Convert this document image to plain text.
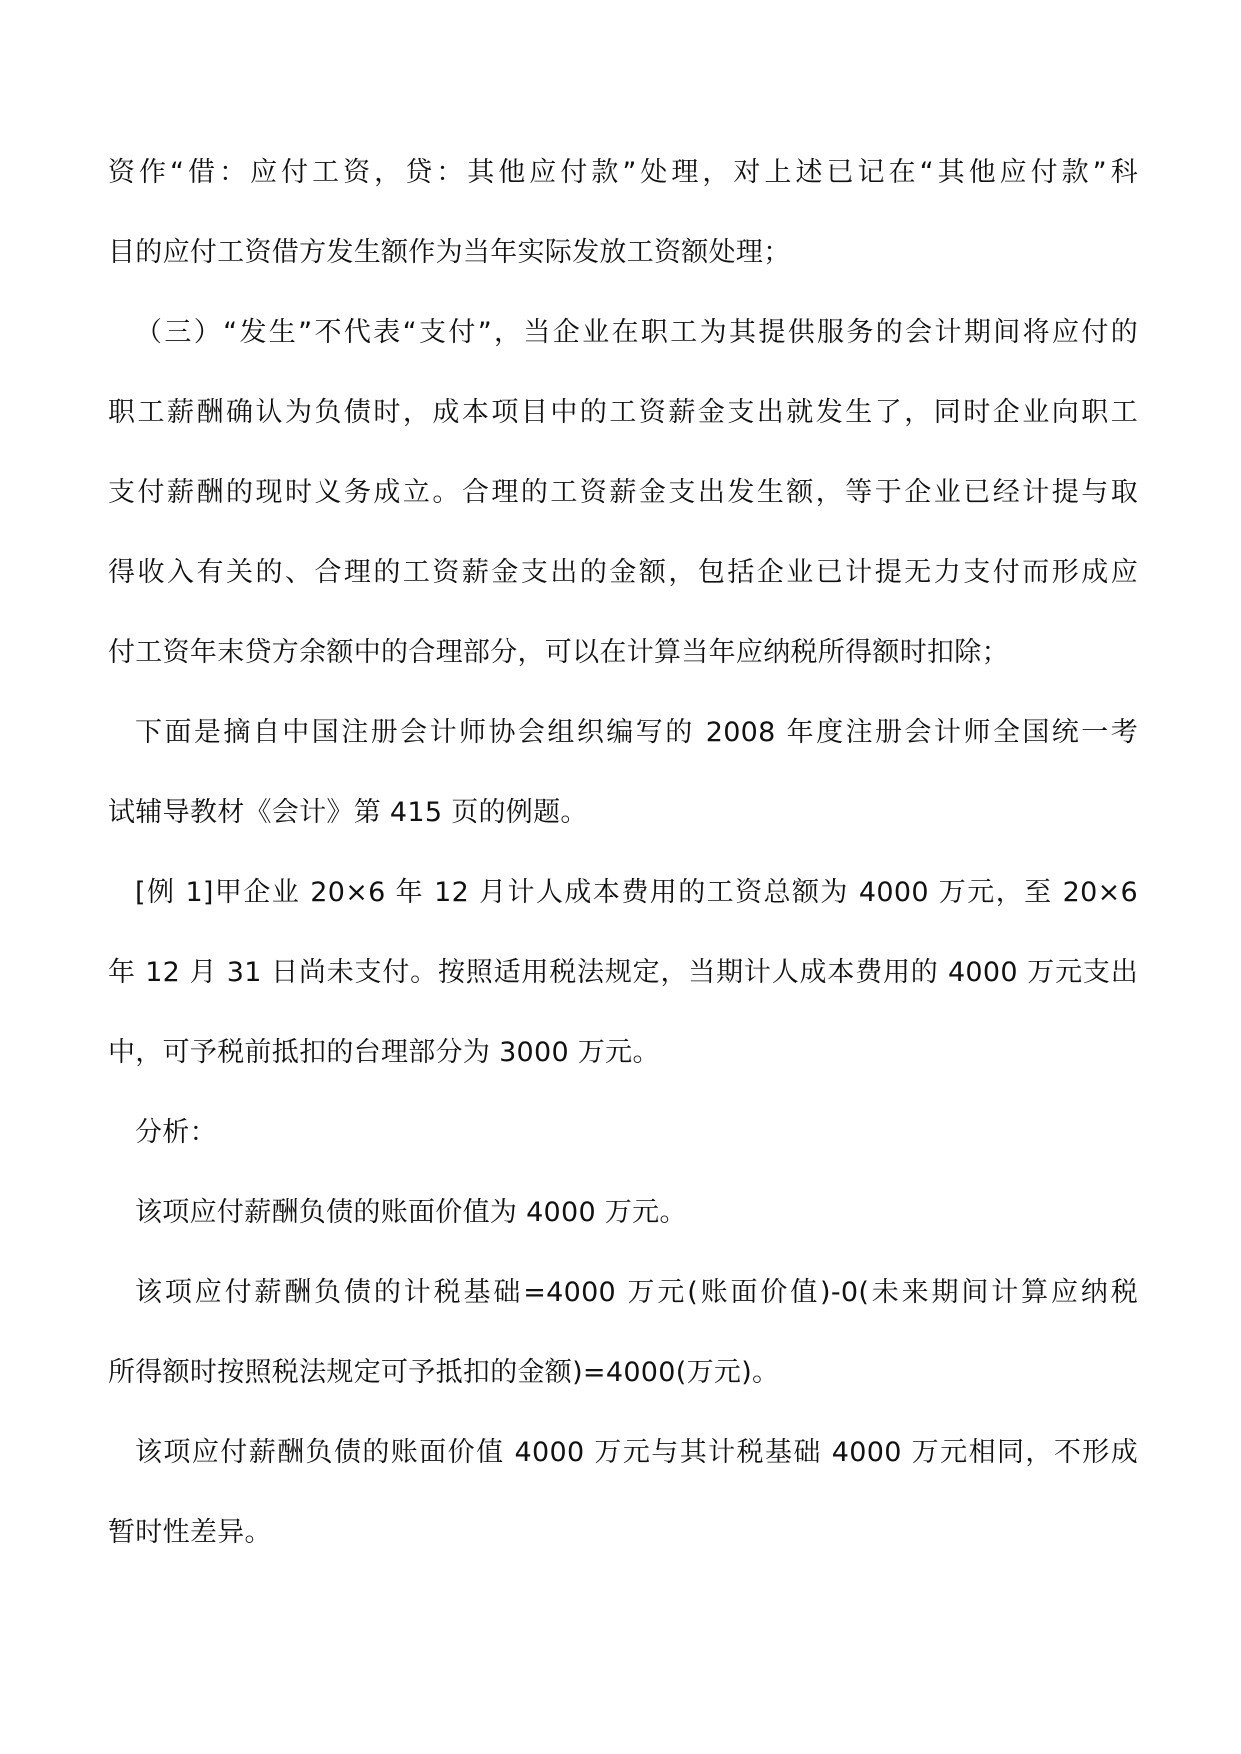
资作“借：应付工资，贷：其他应付款”处理，对上述已记在“其他应付款”科
目的应付工资借方发生额作为当年实际发放工资额处理；
（三）“发生”不代表“支付”，当企业在职工为其提供服务的会计期间将应付的
职工薪酬确认为负债时，成本项目中的工资薪金支出就发生了，同时企业向职工
支付薪酬的现时义务成立。合理的工资薪金支出发生额，等于企业已经计提与取
得收入有关的、合理的工资薪金支出的金额，包括企业已计提无力支付而形成应
付工资年末贷方余额中的合理部分，可以在计算当年应纳税所得额时扣除；
下面是摘自中国注册会计师协会组织编写的 2008 年度注册会计师全国统一考
试辅导教材《会计》第 415 页的例题。
[例 1]甲企业 20×6 年 12 月计人成本费用的工资总额为 4000 万元，至 20×6
年 12 月 31 日尚未支付。按照适用税法规定，当期计人成本费用的 4000 万元支出
中，可予税前抵扣的台理部分为 3000 万元。
分析：
该项应付薪酬负债的账面价值为 4000 万元。
该项应付薪酬负债的计税基础=4000 万元(账面价值)-0(未来期间计算应纳税
所得额时按照税法规定可予抵扣的金额)=4000(万元)。
该项应付薪酬负债的账面价值 4000 万元与其计税基础 4000 万元相同，不形成
暂时性差异。
